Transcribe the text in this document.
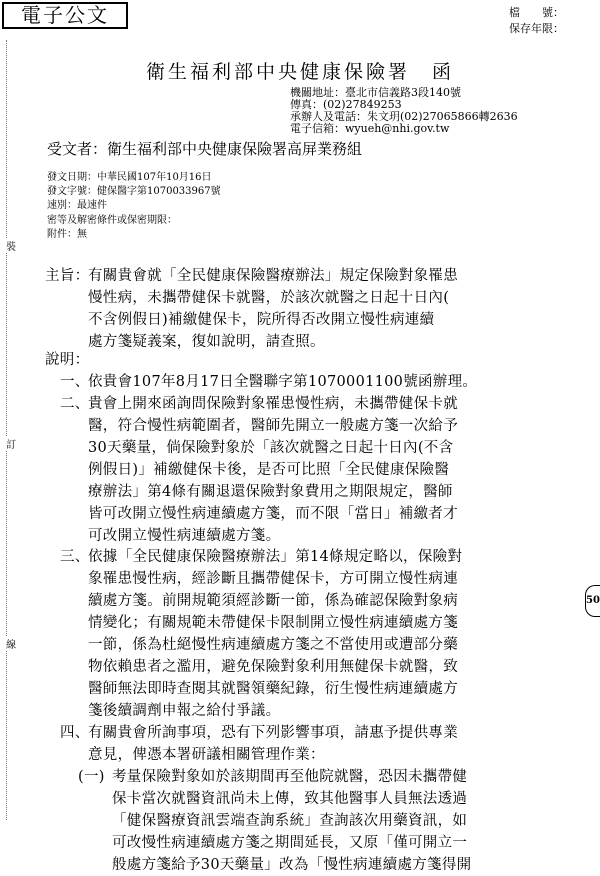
電子公文	檔　　號：
保存年限：
衛生福利部中央健康保險署　函
機關地址：臺北市信義路3段140號
傳真：(02)27849253
承辦人及電話：朱文玥(02)27065866轉2636
電子信箱：wyueh@nhi.gov.tw
受文者：衛生福利部中央健康保險署高屏業務組
發文日期：中華民國107年10月16日
發文字號：健保醫字第1070033967號
速別：最速件
密等及解密條件或保密期限：
附件：無
裝
訂
線
主旨：
有關貴會就「全民健康保險醫療辦法」規定保險對象罹患
慢性病，未攜帶健保卡就醫，於該次就醫之日起十日內(
不含例假日)補繳健保卡，院所得否改開立慢性病連續
處方箋疑義案，復如說明，請查照。
說明：
一、
依貴會107年8月17日全醫聯字第1070001100號函辦理。
二、
貴會上開來函詢問保險對象罹患慢性病，未攜帶健保卡就
醫，符合慢性病範圍者，醫師先開立一般處方箋一次給予
30天藥量，倘保險對象於「該次就醫之日起十日內(不含
例假日)」補繳健保卡後，是否可比照「全民健康保險醫
療辦法」第4條有關退還保險對象費用之期限規定，醫師
皆可改開立慢性病連續處方箋，而不限「當日」補繳者才
可改開立慢性病連續處方箋。
三、
依據「全民健康保險醫療辦法」第14條規定略以，保險對
象罹患慢性病，經診斷且攜帶健保卡，方可開立慢性病連
續處方箋。前開規範須經診斷一節，係為確認保險對象病
情變化；有關規範未帶健保卡限制開立慢性病連續處方箋
一節，係為杜絕慢性病連續處方箋之不當使用或遭部分藥
物依賴患者之濫用，避免保險對象利用無健保卡就醫，致
醫師無法即時查閱其就醫領藥紀錄，衍生慢性病連續處方
箋後續調劑申報之給付爭議。
四、
有關貴會所詢事項，恐有下列影響事項，請惠予提供專業
意見，俾憑本署研議相關管理作業：
(一) 考量保險對象如於該期間再至他院就醫，恐因未攜帶健
保卡當次就醫資訊尚未上傳，致其他醫事人員無法透過
「健保醫療資訊雲端查詢系統」查詢該次用藥資訊，如
可改慢性病連續處方箋之期間延長，又原「僅可開立一
般處方箋給予30天藥量」改為「慢性病連續處方箋得開
50
